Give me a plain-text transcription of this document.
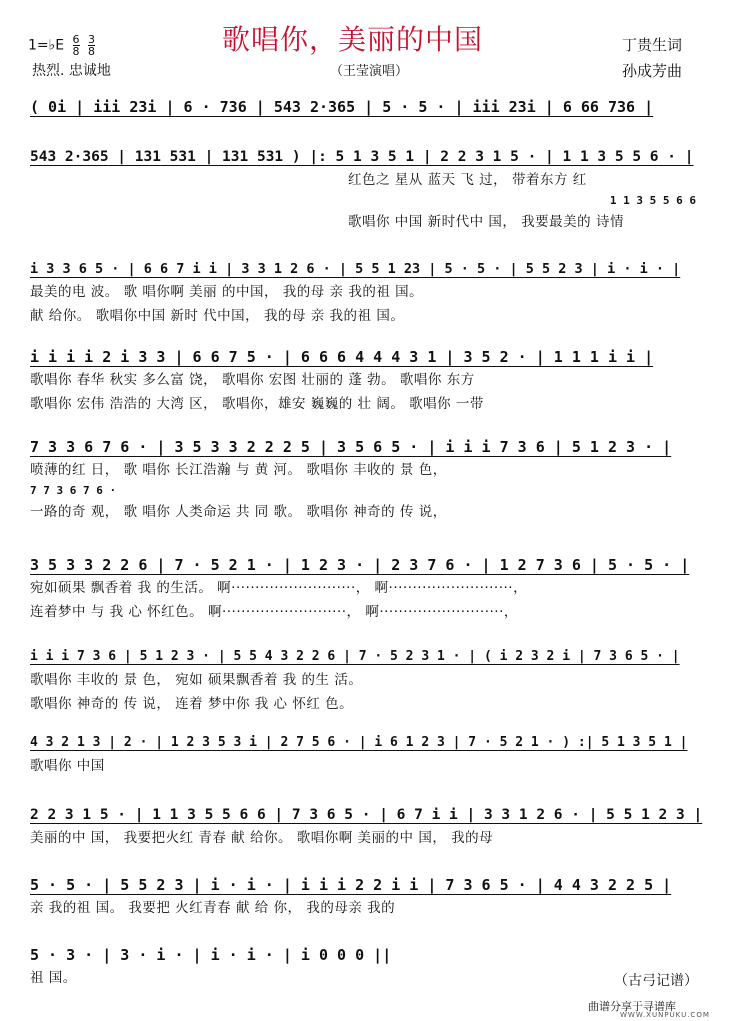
1=♭E $\frac{6}{8}$
$\frac{3}{8}$	歌唱你，美丽的中国	丁贵生词
热烈. 忠诚地	（王莹演唱）	孙成芳曲
( 0i | iii 23i | 6 · 736 | 543 2·365 | 5 · 5 · | iii 23i | 6 66 736 |
543 2·365 | 131 531 | 131 531 ) |: 5 1 3 5 1 | 2 2 3 1 5 · | 1 1 3 5 5 6 · |
红色之 星从 蓝天 飞 过， 带着东方 红
1 1 3 5 5 6 6
歌唱你 中国 新时代中 国， 我要最美的 诗情
i 3 3 6 5 · | 6 6 7 i i | 3 3 1 2 6 · | 5 5 1 23 | 5 · 5 · | 5 5 2 3 | i · i · |
最美的电 波。 歌 唱你啊 美丽 的中国， 我的母 亲 我的祖 国。
献 给你。 歌唱你中国 新时 代中国， 我的母 亲 我的祖 国。
i i i i 2 i 3 3 | 6 6 7 5 · | 6 6 6 4 4 4 3 1 | 3 5 2 · | 1 1 1 i i |
歌唱你 春华 秋实 多么富 饶， 歌唱你 宏图 壮丽的 蓬 勃。 歌唱你 东方
歌唱你 宏伟 浩浩的 大湾 区， 歌唱你，雄安 巍巍的 壮 阔。 歌唱你 一带
7 3 3 6 7 6 · | 3 5 3 3 2 2 2 5 | 3 5 6 5 · | i i i 7 3 6 | 5 1 2 3 · |
喷薄的红 日， 歌 唱你 长江浩瀚 与 黄 河。 歌唱你 丰收的 景 色，
7 7 3 6 7 6 ·
一路的奇 观， 歌 唱你 人类命运 共 同 歌。 歌唱你 神奇的 传 说，
3 5 3 3 2 2 6 | 7 · 5 2 1 · | 1 2 3 · | 2 3 7 6 · | 1 2 7 3 6 | 5 · 5 · |
宛如硕果 飘香着 我 的生活。 啊··························， 啊··························，
连着梦中 与 我 心 怀红色。 啊··························， 啊··························，
i i i 7 3 6 | 5 1 2 3 · | 5 5 4 3 2 2 6 | 7 · 5 2 3 1 · | ( i 2 3 2 i | 7 3 6 5 · |
歌唱你 丰收的 景 色， 宛如 硕果飘香着 我 的生 活。
歌唱你 神奇的 传 说， 连着 梦中你 我 心 怀红 色。
4 3 2 1 3 | 2 · | 1 2 3 5 3 i | 2 7 5 6 · | i 6 1 2 3 | 7 · 5 2 1 · ) :| 5 1 3 5 1 |
歌唱你 中国
2 2 3 1 5 · | 1 1 3 5 5 6 6 | 7 3 6 5 · | 6 7 i i | 3 3 1 2 6 · | 5 5 1 2 3 |
美丽的中 国， 我要把火红 青春 献 给你。 歌唱你啊 美丽的中 国， 我的母
5 · 5 · | 5 5 2 3 | i · i · | i i i 2 2 i i | 7 3 6 5 · | 4 4 3 2 2 5 |
亲 我的祖 国。 我要把 火红青春 献 给 你， 我的母亲 我的
5 · 3 · | 3 · i · | i · i · | i 0 0 0 ||
祖 国。	（古弓记谱）
曲谱分享于寻谱库
WWW.XUNPUKU.COM
